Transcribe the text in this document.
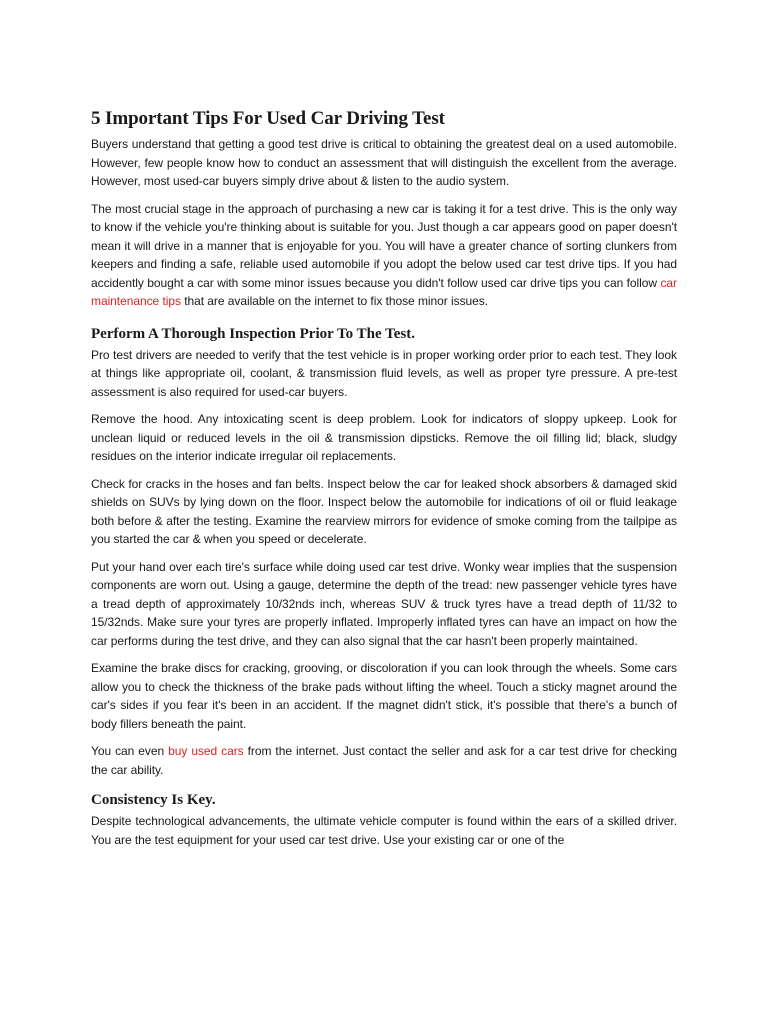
5 Important Tips For Used Car Driving Test

Buyers understand that getting a good test drive is critical to obtaining the greatest deal on a used automobile. However, few people know how to conduct an assessment that will distinguish the excellent from the average. However, most used-car buyers simply drive about & listen to the audio system.

The most crucial stage in the approach of purchasing a new car is taking it for a test drive. This is the only way to know if the vehicle you're thinking about is suitable for you. Just though a car appears good on paper doesn't mean it will drive in a manner that is enjoyable for you. You will have a greater chance of sorting clunkers from keepers and finding a safe, reliable used automobile if you adopt the below used car test drive tips. If you had accidently bought a car with some minor issues because you didn't follow used car drive tips you can follow car maintenance tips that are available on the internet to fix those minor issues.

Perform A Thorough Inspection Prior To The Test.

Pro test drivers are needed to verify that the test vehicle is in proper working order prior to each test. They look at things like appropriate oil, coolant, & transmission fluid levels, as well as proper tyre pressure. A pre-test assessment is also required for used-car buyers.

Remove the hood. Any intoxicating scent is deep problem. Look for indicators of sloppy upkeep. Look for unclean liquid or reduced levels in the oil & transmission dipsticks. Remove the oil filling lid; black, sludgy residues on the interior indicate irregular oil replacements.

Check for cracks in the hoses and fan belts. Inspect below the car for leaked shock absorbers & damaged skid shields on SUVs by lying down on the floor. Inspect below the automobile for indications of oil or fluid leakage both before & after the testing. Examine the rearview mirrors for evidence of smoke coming from the tailpipe as you started the car & when you speed or decelerate.

Put your hand over each tire's surface while doing used car test drive. Wonky wear implies that the suspension components are worn out. Using a gauge, determine the depth of the tread: new passenger vehicle tyres have a tread depth of approximately 10/32nds inch, whereas SUV & truck tyres have a tread depth of 11/32 to 15/32nds. Make sure your tyres are properly inflated. Improperly inflated tyres can have an impact on how the car performs during the test drive, and they can also signal that the car hasn't been properly maintained.

Examine the brake discs for cracking, grooving, or discoloration if you can look through the wheels. Some cars allow you to check the thickness of the brake pads without lifting the wheel. Touch a sticky magnet around the car's sides if you fear it's been in an accident. If the magnet didn't stick, it's possible that there's a bunch of body fillers beneath the paint.

You can even buy used cars from the internet. Just contact the seller and ask for a car test drive for checking the car ability.

Consistency Is Key.

Despite technological advancements, the ultimate vehicle computer is found within the ears of a skilled driver. You are the test equipment for your used car test drive. Use your existing car or one of the
